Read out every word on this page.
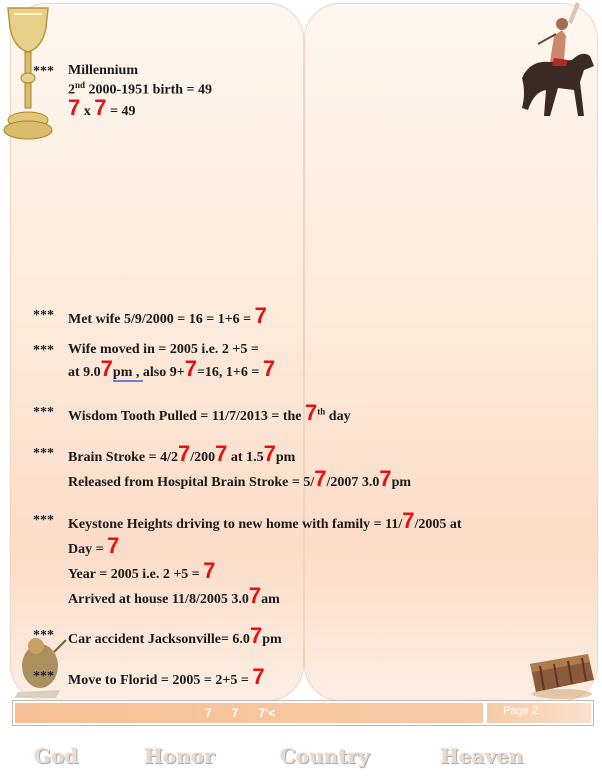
***	Millennium
2nd 2000-1951 birth = 49
7 x 7 = 49
***	Met wife 5/9/2000 = 16 = 1+6 = 7
***	Wife moved in = 2005 i.e. 2 +5 =
at 9.07pm , also 9+7=16, 1+6 = 7
***	Wisdom Tooth Pulled = 11/7/2013 = the 7th day
***	Brain Stroke = 4/27/2007 at 1.57pm
Released from Hospital Brain Stroke = 5/7/2007 3.07pm
***	Keystone Heights driving to new home with family = 11/7/2005 at
Day = 7
Year = 2005 i.e. 2 +5 = 7
Arrived at house 11/8/2005 3.07am
***	Car accident Jacksonville= 6.07pm
***	Move to Florid = 2005 = 2+5 = 7
7      7      7’<	Page 2
God	Honor	Country	Heaven
